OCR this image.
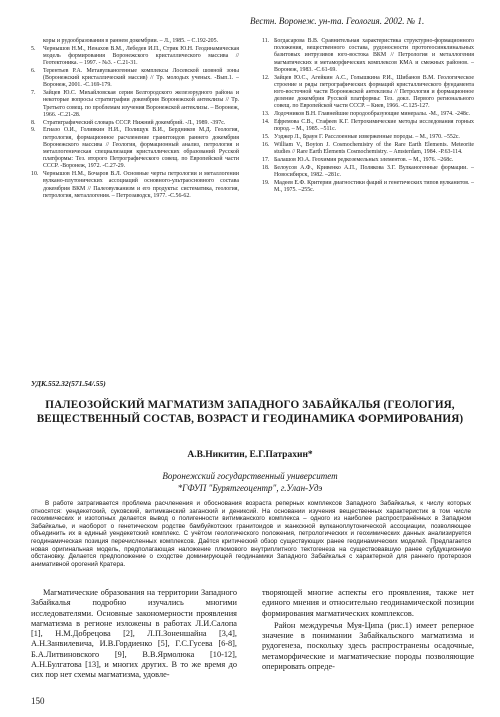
Вестн. Воронеж. ун-та. Геология. 2002. № 1.
коры и рудообразования в раннем докембрии. – Л., 1985. – С.192-205.
5. Чернышов Н.М., Ненахов В.М., Лебедев И.П., Стрик Ю.Н. Геодинамическая модель формирования Воронежского кристаллического массива // Геотектоника. – 1997. - №3. - С.21-31.
6. Терентьев Р.А. Метавулканогенные комплексы Лосевской шовной зоны (Воронежский кристаллический массив) // Тр. молодых ученых. -Вып.1. – Воронеж, 2001. -С.169-179.
7. Зайцев Ю.С. Михайловская серия Белгородского железорудного района и некоторые вопросы стратиграфии докембрия Воронежской антеклизы // Тр. Третьего совещ. по проблемам изучения Воронежской антеклизы. – Воронеж, 1966. -С.21-28.
8. Стратиграфический словарь СССР. Нижний докембрий. -Л., 1989. -397с.
9. Егиазо О.И., Голивкин Н.И., Полищук В.И., Бердников М.Д. Геология, петрология, формационное расчленение гранитоидов раннего докембрия Воронежского массива // Геология, формационный анализ, петрология и металлогеническая специализация кристаллических образований Русской платформы: Тез. второго Петрографического совещ. по Европейской части СССР. -Воронеж, 1972. -С.27-29.
10. Чернышов Н.М., Бочаров В.Л. Основные черты петрологии и металлогении вулкано-плутонических ассоциаций основного-ультраосновного состава докембрия ВКМ // Палеовулканизм и его продукты: систематика, геология, петрология, металлогения. – Петрозаводск, 1977. -С.56-62.
11. Богдасарова В.В. Сравнительная характеристика структурно-формационного положения, вещественного состава, рудоносности протогеосинклинальных базитовых интрузивов юго-востока ВКМ // Петрология и металлогения магматических и метаморфических комплексов КМА и смежных районов. – Воронеж, 1983. -С.61-69.
12. Зайцев Ю.С., Агейкин А.С., Голышкина Р.И., Шибанов В.М. Геологическое строение и ряды петрографических формаций кристаллического фундамента юго-восточной части Воронежской антеклизы // Петрология и формационное деление докембрия Русской платформы: Тез. докл. Первого регионального совещ. по Европейской части СССР. – Киев, 1966. -С.125-127.
13. Лодочников В.Н. Главнейшие породообразующие минералы. -М., 1974. -248с.
14. Ефремова С.В., Стафеев К.Г. Петрохимические методы исследования горных пород. – М., 1985. –511с.
15. Уэджер Л., Браун Г. Расслоенные изверженные породы. – М., 1970. –552с.
16. William V., Boyton J. Cosmochemistry of the Rare Earth Elements. Meteorite studies // Rare Earth Elements Cosmochemistry. – Amsterdam, 1984. -P.63-114.
17. Балашов Ю.А. Геохимия редкоземельных элементов. – М., 1976. –268с.
18. Белоусов А.Ф., Кривенко А.П., Полякова З.Г. Вулканогенные формации. – Новосибирск, 1982. –281с.
19. Мадеев Е.Ф. Критерии диагностики фаций и генетических типов вулканитов. – М., 1975. –255с.
УДК.552.32(571.54/.55)
ПАЛЕОЗОЙСКИЙ МАГМАТИЗМ ЗАПАДНОГО ЗАБАЙКАЛЬЯ (ГЕОЛОГИЯ, ВЕЩЕСТВЕННЫЙ СОСТАВ, ВОЗРАСТ И ГЕОДИНАМИКА ФОРМИРОВАНИЯ)
А.В.Никитин, Е.Г.Патрахин*
Воронежский государственный университет
*ГФУП "Бурятгеоцентр", г.Улан-Удэ
В работе затрагивается проблема расчленения и обоснования возраста реперных комплексов Западного Забайкалья, к числу которых относятся: уендекетский, суковский, витимканский заганский и дениксий. На основании изучения вещественных характеристик в том числе геохимических и изотопных делается вывод о полигенности витимканского комплекса – одного из наиболее распространённых в Западном Забайкалье, и наоборот о генетическом родстве бамбуйкотских гранитоидов и жанкскной вулканоплутонической ассоциации, позволяющее объединить их в единый уендекетский комплекс. С учётом геологического положения, петрологических и геохимических данных анализируется геодинамическая позиция перечисленных комплексов. Даётся критический обзор существующих ранее геодинамических моделей. Предлагается новая оригинальная модель, предполагающая наложение плюмового внутриплитного тектогенеза на существовавшую ранее субдукционную обстановку. Делается предположение о сходстве доминирующей геодинамики Западного Забайкалья с характерной для раннего протерозоя анимативной орогений Кратера.
Магматические образования на территории Западного Забайкалья подробно изучались многими исследователями. Основные закономерности проявления магматизма в регионе изложены в работах Л.И.Салопа [1], Н.М.Добрецова [2], Л.П.Зоненшайна [3,4], А.Н.Занвилевича, И.В.Гордиенко [5], Г.С.Гусева [6-8], Б.А.Литвиновского [9], В.В.Ярмолюка [10-12], А.Н.Булгатова [13], и многих других. В то же время до сих пор нет схемы магматизма, удовле-

творяющей многие аспекты его проявления, также нет единого мнения и относительно геодинамической позиции формирования магматических комплексов.

Район междуречья Муя-Ципа (рис.1) имеет реперное значение в понимании Забайкальского магматизма и рудогенеза, поскольку здесь распространены осадочные, метаморфические и магматические породы позволяющие оперировать опреде-

150
